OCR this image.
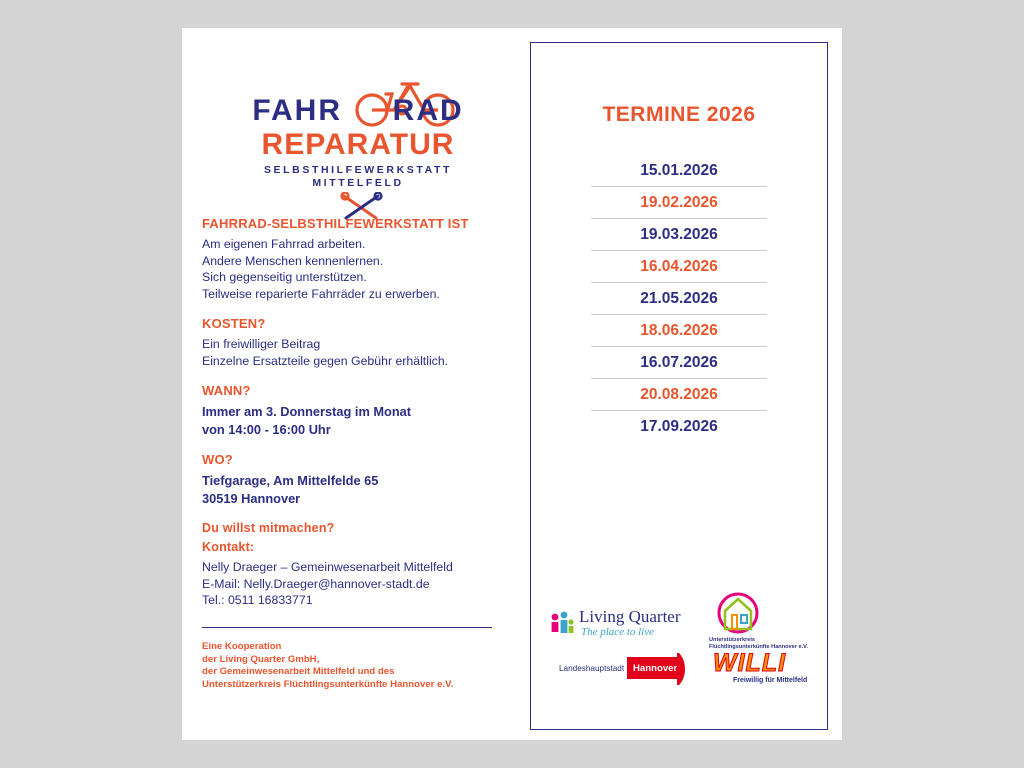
FAHR RAD
REPARATUR
SELBSTHILFEWERKSTATT
MITTELFELD
FAHRRAD-SELBSTHILFEWERKSTATT IST

Am eigenen Fahrrad arbeiten.

Andere Menschen kennenlernen.

Sich gegenseitig unterstützen.

Teilweise reparierte Fahrräder zu erwerben.

KOSTEN?

Ein freiwilliger Beitrag

Einzelne Ersatzteile gegen Gebühr erhältlich.

WANN?

Immer am 3. Donnerstag im Monat

von 14:00 - 16:00 Uhr

WO?

Tiefgarage, Am Mittelfelde 65

30519 Hannover

Du willst mitmachen?
Kontakt:

Nelly Draeger – Gemeinwesenarbeit Mittelfeld

E-Mail: Nelly.Draeger@hannover-stadt.de

Tel.: 0511 16833771

Eine Kooperation
der Living Quarter GmbH,
der Gemeinwesenarbeit Mittelfeld und des
Unterstützerkreis Flüchtlingsunterkünfte Hannover e.V.
TERMINE 2026
15.01.2026
19.02.2026
19.03.2026
16.04.2026
21.05.2026
18.06.2026
16.07.2026
20.08.2026
17.09.2026
Living Quarter
The place to live
Unterstützerkreis
Flüchtlingsunterkünfte Hannover e.V.
Landeshauptstadt Hannover WILLI
Freiwillig für Mittelfeld
